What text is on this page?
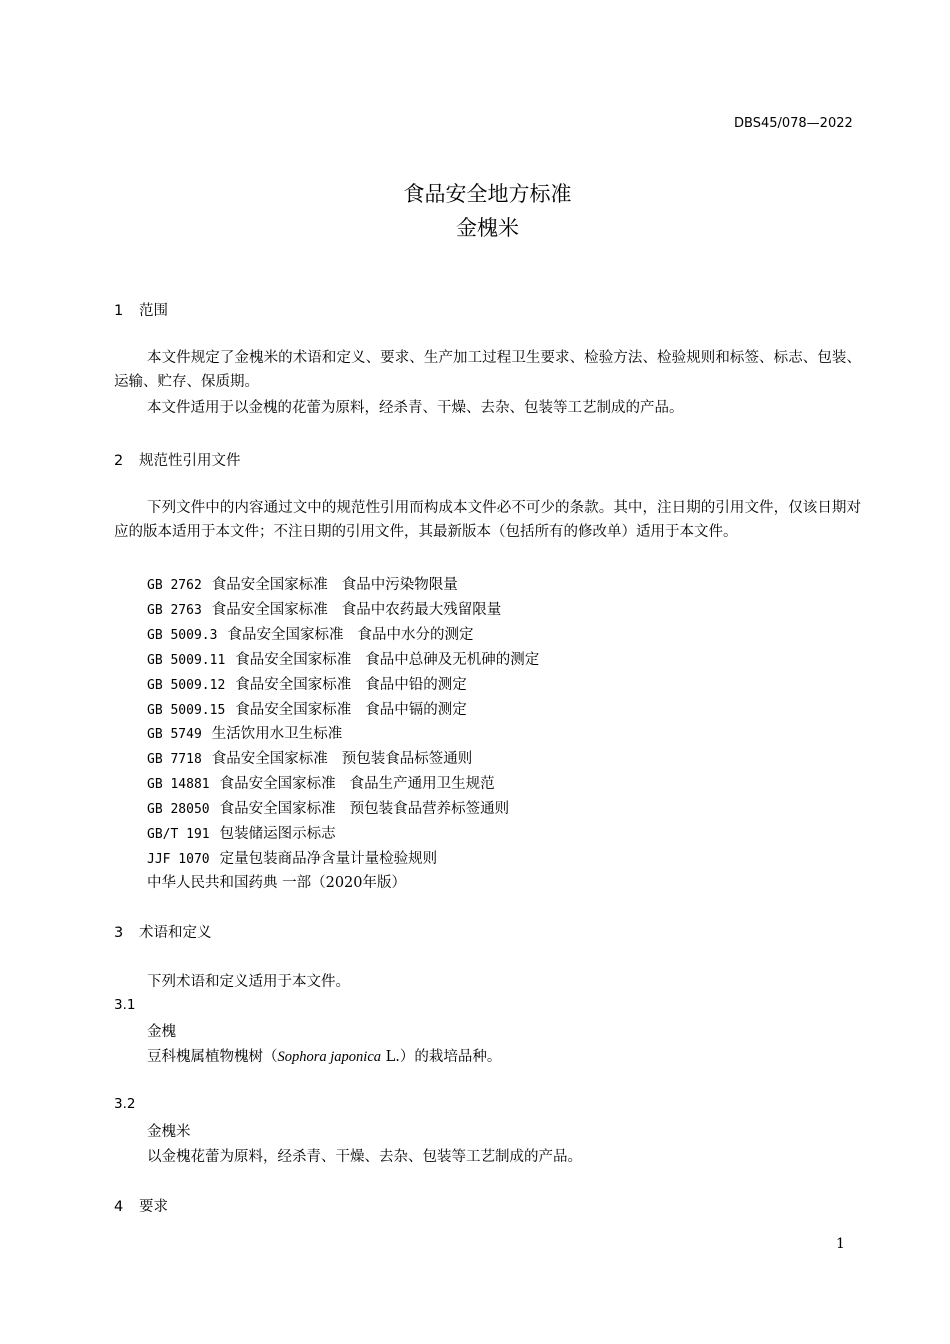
DBS45/078—2022
食品安全地方标准
金槐米
1 范围
本文件规定了金槐米的术语和定义、要求、生产加工过程卫生要求、检验方法、检验规则和标签、标志、包装、运输、贮存、保质期。
本文件适用于以金槐的花蕾为原料，经杀青、干燥、去杂、包装等工艺制成的产品。
2 规范性引用文件
下列文件中的内容通过文中的规范性引用而构成本文件必不可少的条款。其中，注日期的引用文件，仅该日期对应的版本适用于本文件；不注日期的引用文件，其最新版本（包括所有的修改单）适用于本文件。
GB 2762 食品安全国家标准 食品中污染物限量
GB 2763 食品安全国家标准 食品中农药最大残留限量
GB 5009.3 食品安全国家标准 食品中水分的测定
GB 5009.11 食品安全国家标准 食品中总砷及无机砷的测定
GB 5009.12 食品安全国家标准 食品中铅的测定
GB 5009.15 食品安全国家标准 食品中镉的测定
GB 5749 生活饮用水卫生标准
GB 7718 食品安全国家标准 预包装食品标签通则
GB 14881 食品安全国家标准 食品生产通用卫生规范
GB 28050 食品安全国家标准 预包装食品营养标签通则
GB/T 191 包装储运图示标志
JJF 1070 定量包装商品净含量计量检验规则
中华人民共和国药典 一部（2020年版）
3 术语和定义
下列术语和定义适用于本文件。
3.1
金槐
豆科槐属植物槐树（Sophora japonica L.）的栽培品种。
3.2
金槐米
以金槐花蕾为原料，经杀青、干燥、去杂、包装等工艺制成的产品。
4 要求
1
